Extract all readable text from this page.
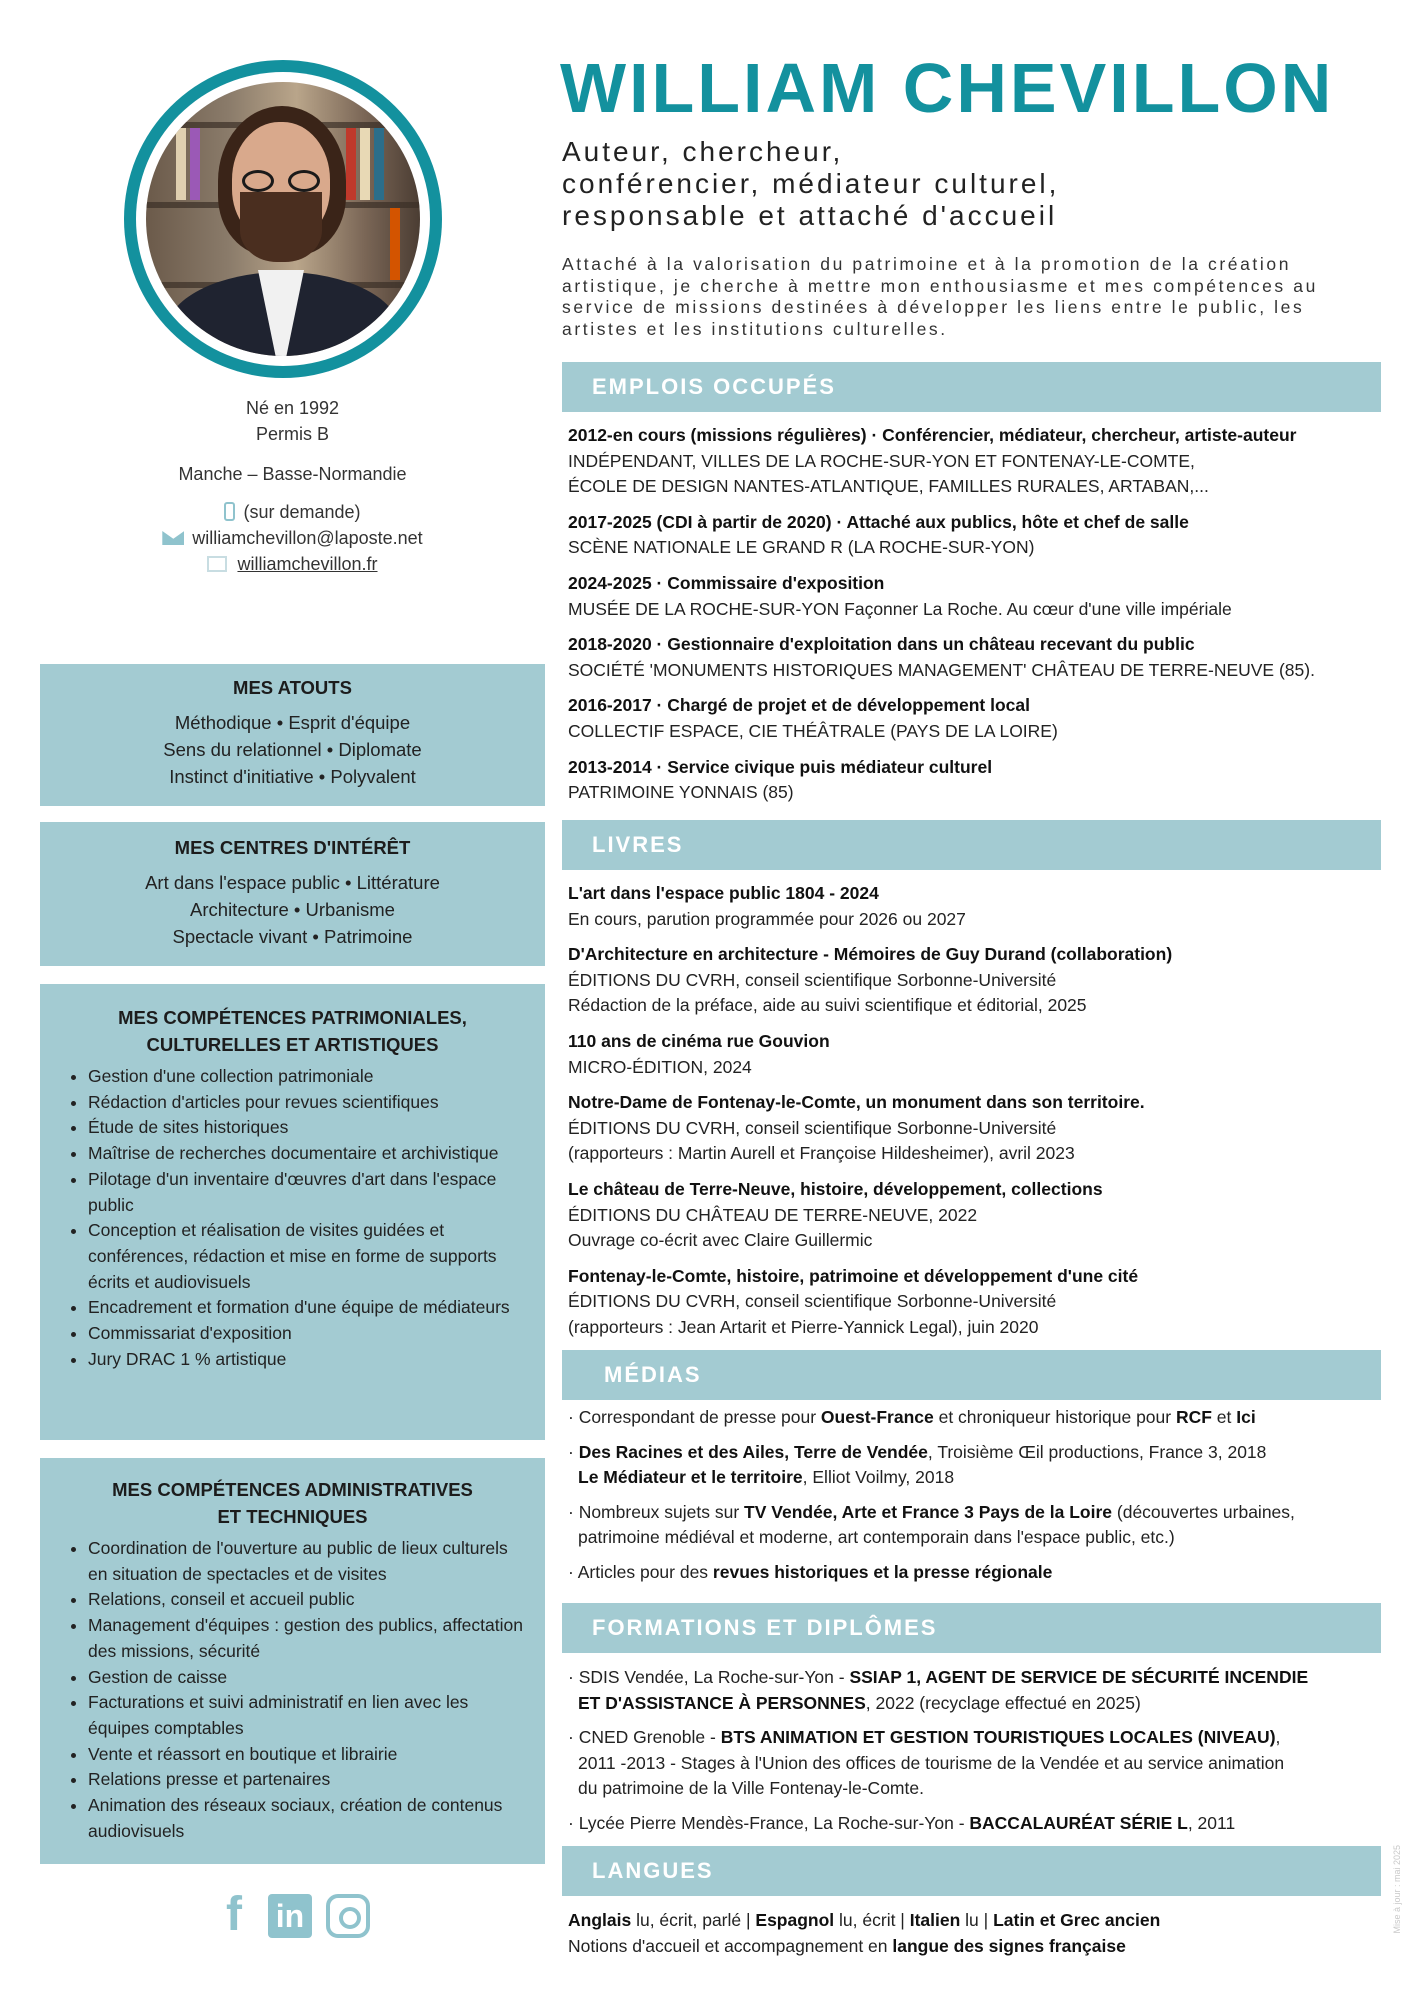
WILLIAM CHEVILLON
Auteur, chercheur,
conférencier, médiateur culturel,
responsable et attaché d'accueil
Attaché à la valorisation du patrimoine et à la promotion de la création artistique, je cherche à mettre mon enthousiasme et mes compétences au service de missions destinées à développer les liens entre le public, les artistes et les institutions culturelles.
Né en 1992
Permis B
Manche – Basse-Normandie
(sur demande)
williamchevillon@laposte.net
williamchevillon.fr
MES ATOUTS
Méthodique • Esprit d'équipe
Sens du relationnel • Diplomate
Instinct d'initiative • Polyvalent
MES CENTRES D'INTÉRÊT
Art dans l'espace public • Littérature
Architecture • Urbanisme
Spectacle vivant • Patrimoine
MES COMPÉTENCES PATRIMONIALES,
CULTURELLES ET ARTISTIQUES
• Gestion d'une collection patrimoniale
• Rédaction d'articles pour revues scientifiques
• Étude de sites historiques
• Maîtrise de recherches documentaire et archivistique
• Pilotage d'un inventaire d'œuvres d'art dans l'espace public
• Conception et réalisation de visites guidées et conférences, rédaction et mise en forme de supports écrits et audiovisuels
• Encadrement et formation d'une équipe de médiateurs
• Commissariat d'exposition
• Jury DRAC 1 % artistique
MES COMPÉTENCES ADMINISTRATIVES
ET TECHNIQUES
• Coordination de l'ouverture au public de lieux culturels en situation de spectacles et de visites
• Relations, conseil et accueil public
• Management d'équipes : gestion des publics, affectation des missions, sécurité
• Gestion de caisse
• Facturations et suivi administratif en lien avec les équipes comptables
• Vente et réassort en boutique et librairie
• Relations presse et partenaires
• Animation des réseaux sociaux, création de contenus audiovisuels
f in
EMPLOIS OCCUPÉS
2012-en cours (missions régulières) · Conférencier, médiateur, chercheur, artiste-auteur
INDÉPENDANT, VILLES DE LA ROCHE-SUR-YON ET FONTENAY-LE-COMTE,
ÉCOLE DE DESIGN NANTES-ATLANTIQUE, FAMILLES RURALES, ARTABAN,...
2017-2025 (CDI à partir de 2020) · Attaché aux publics, hôte et chef de salle
SCÈNE NATIONALE LE GRAND R (LA ROCHE-SUR-YON)
2024-2025 · Commissaire d'exposition
MUSÉE DE LA ROCHE-SUR-YON Façonner La Roche. Au cœur d'une ville impériale
2018-2020 · Gestionnaire d'exploitation dans un château recevant du public
SOCIÉTÉ 'MONUMENTS HISTORIQUES MANAGEMENT' CHÂTEAU DE TERRE-NEUVE (85).
2016-2017 · Chargé de projet et de développement local
COLLECTIF ESPACE, CIE THÉÂTRALE (PAYS DE LA LOIRE)
2013-2014 · Service civique puis médiateur culturel
PATRIMOINE YONNAIS (85)
LIVRES
L'art dans l'espace public 1804 - 2024
En cours, parution programmée pour 2026 ou 2027
D'Architecture en architecture - Mémoires de Guy Durand (collaboration)
ÉDITIONS DU CVRH, conseil scientifique Sorbonne-Université
Rédaction de la préface, aide au suivi scientifique et éditorial, 2025
110 ans de cinéma rue Gouvion
MICRO-ÉDITION, 2024
Notre-Dame de Fontenay-le-Comte, un monument dans son territoire.
ÉDITIONS DU CVRH, conseil scientifique Sorbonne-Université
(rapporteurs : Martin Aurell et Françoise Hildesheimer), avril 2023
Le château de Terre-Neuve, histoire, développement, collections
ÉDITIONS DU CHÂTEAU DE TERRE-NEUVE, 2022
Ouvrage co-écrit avec Claire Guillermic
Fontenay-le-Comte, histoire, patrimoine et développement d'une cité
ÉDITIONS DU CVRH, conseil scientifique Sorbonne-Université
(rapporteurs : Jean Artarit et Pierre-Yannick Legal), juin 2020
MÉDIAS
· Correspondant de presse pour Ouest-France et chroniqueur historique pour RCF et Ici
· Des Racines et des Ailes, Terre de Vendée, Troisième Œil productions, France 3, 2018
Le Médiateur et le territoire, Elliot Voilmy, 2018
· Nombreux sujets sur TV Vendée, Arte et France 3 Pays de la Loire (découvertes urbaines,
patrimoine médiéval et moderne, art contemporain dans l'espace public, etc.)
· Articles pour des revues historiques et la presse régionale
FORMATIONS ET DIPLÔMES
· SDIS Vendée, La Roche-sur-Yon - SSIAP 1, AGENT DE SERVICE DE SÉCURITÉ INCENDIE
ET D'ASSISTANCE À PERSONNES, 2022 (recyclage effectué en 2025)
· CNED Grenoble - BTS ANIMATION ET GESTION TOURISTIQUES LOCALES (NIVEAU),
2011 -2013 - Stages à l'Union des offices de tourisme de la Vendée et au service animation
du patrimoine de la Ville Fontenay-le-Comte.
· Lycée Pierre Mendès-France, La Roche-sur-Yon - BACCALAURÉAT SÉRIE L, 2011
LANGUES
Anglais lu, écrit, parlé | Espagnol lu, écrit | Italien lu | Latin et Grec ancien
Notions d'accueil et accompagnement en langue des signes française
Mise à jour : mai 2025
